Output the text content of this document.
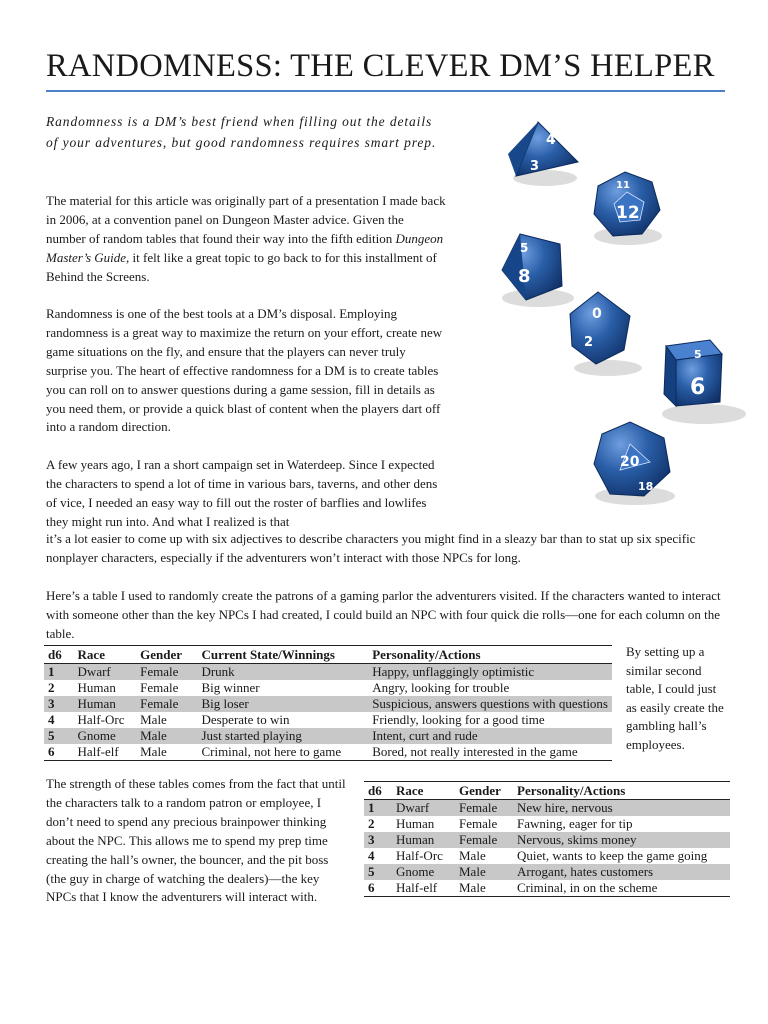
RANDOMNESS: THE CLEVER DM’S HELPER

Randomness is a DM’s best friend when filling out the details of your adventures, but good randomness requires smart prep.

The material for this article was originally part of a presentation I made back in 2006, at a convention panel on Dungeon Master advice. Given the number of random tables that found their way into the fifth edition Dungeon Master’s Guide, it felt like a great topic to go back to for this installment of Behind the Screens.

Randomness is one of the best tools at a DM’s disposal. Employing randomness is a great way to maximize the return on your effort, create new game situations on the fly, and ensure that the players can never truly surprise you. The heart of effective randomness for a DM is to create tables you can roll on to answer questions during a game session, fill in details as you need them, or provide a quick blast of content when the players dart off into a random direction.

A few years ago, I ran a short campaign set in Waterdeep. Since I expected the characters to spend a lot of time in various bars, taverns, and other dens of vice, I needed an easy way to fill out the roster of barflies and lowlifes they might run into. And what I realized is that

it’s a lot easier to come up with six adjectives to describe characters you might find in a sleazy bar than to stat up six specific nonplayer characters, especially if the adventurers won’t interact with those NPCs for long.

Here’s a table I used to randomly create the patrons of a gaming parlor the adventurers visited. If the characters wanted to interact with someone other than the key NPCs I had created, I could build an NPC with four quick die rolls—one for each column on the table.

4
3
12
11
8
5
0
2
5
6
20
18
d6	Race	Gender	Current State/Winnings	Personality/Actions
1	Dwarf	Female	Drunk	Happy, unflaggingly optimistic
2	Human	Female	Big winner	Angry, looking for trouble
3	Human	Female	Big loser	Suspicious, answers questions with questions
4	Half-Orc	Male	Desperate to win	Friendly, looking for a good time
5	Gnome	Male	Just started playing	Intent, curt and rude
6	Half-elf	Male	Criminal, not here to game	Bored, not really interested in the game

By setting up a similar second table, I could just as easily create the gambling hall’s employees.

The strength of these tables comes from the fact that until the characters talk to a random patron or employee, I don’t need to spend any precious brainpower thinking about the NPC. This allows me to spend my prep time creating the hall’s owner, the bouncer, and the pit boss (the guy in charge of watching the dealers)—the key NPCs that I know the adventurers will interact with.

d6	Race	Gender	Personality/Actions
1	Dwarf	Female	New hire, nervous
2	Human	Female	Fawning, eager for tip
3	Human	Female	Nervous, skims money
4	Half-Orc	Male	Quiet, wants to keep the game going
5	Gnome	Male	Arrogant, hates customers
6	Half-elf	Male	Criminal, in on the scheme
